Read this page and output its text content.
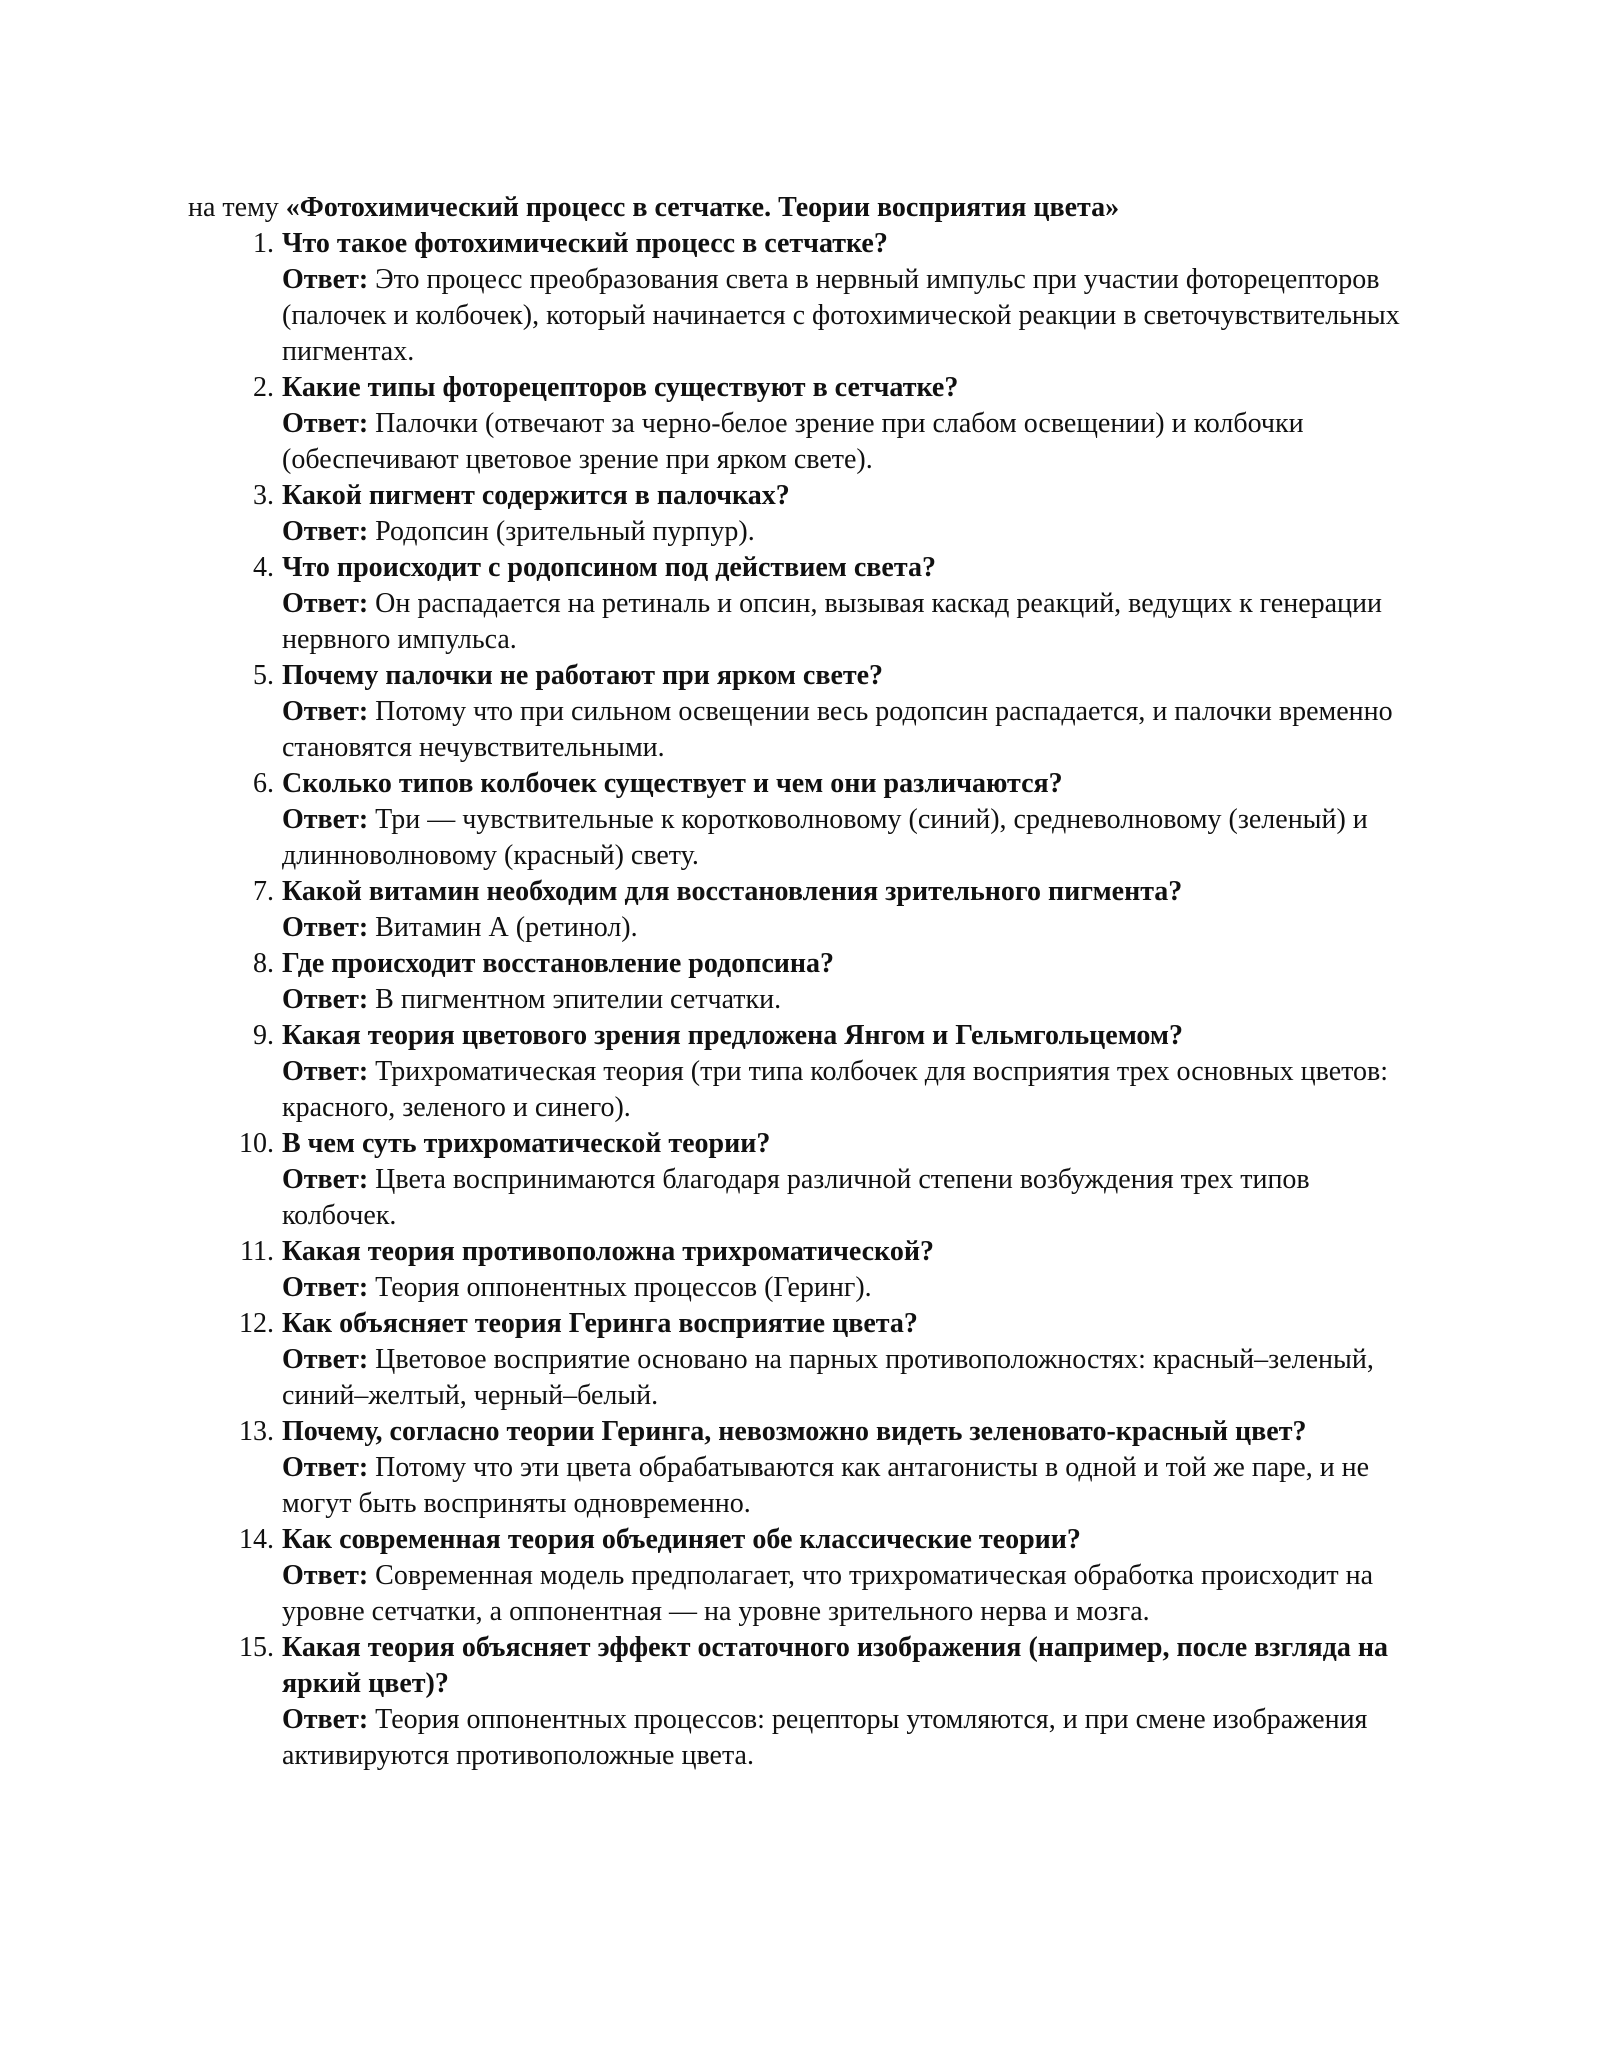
на тему «Фотохимический процесс в сетчатке. Теории восприятия цвета»
1. Что такое фотохимический процесс в сетчатке?
Ответ: Это процесс преобразования света в нервный импульс при участии фоторецепторов (палочек и колбочек), который начинается с фотохимической реакции в светочувствительных пигментах.
2. Какие типы фоторецепторов существуют в сетчатке?
Ответ: Палочки (отвечают за черно-белое зрение при слабом освещении) и колбочки (обеспечивают цветовое зрение при ярком свете).
3. Какой пигмент содержится в палочках?
Ответ: Родопсин (зрительный пурпур).
4. Что происходит с родопсином под действием света?
Ответ: Он распадается на ретиналь и опсин, вызывая каскад реакций, ведущих к генерации нервного импульса.
5. Почему палочки не работают при ярком свете?
Ответ: Потому что при сильном освещении весь родопсин распадается, и палочки временно становятся нечувствительными.
6. Сколько типов колбочек существует и чем они различаются?
Ответ: Три — чувствительные к коротковолновому (синий), средневолновому (зеленый) и длинноволновому (красный) свету.
7. Какой витамин необходим для восстановления зрительного пигмента?
Ответ: Витамин А (ретинол).
8. Где происходит восстановление родопсина?
Ответ: В пигментном эпителии сетчатки.
9. Какая теория цветового зрения предложена Янгом и Гельмгольцемом?
Ответ: Трихроматическая теория (три типа колбочек для восприятия трех основных цветов: красного, зеленого и синего).
10. В чем суть трихроматической теории?
Ответ: Цвета воспринимаются благодаря различной степени возбуждения трех типов колбочек.
11. Какая теория противоположна трихроматической?
Ответ: Теория оппонентных процессов (Геринг).
12. Как объясняет теория Геринга восприятие цвета?
Ответ: Цветовое восприятие основано на парных противоположностях: красный–зеленый, синий–желтый, черный–белый.
13. Почему, согласно теории Геринга, невозможно видеть зеленовато-красный цвет?
Ответ: Потому что эти цвета обрабатываются как антагонисты в одной и той же паре, и не могут быть восприняты одновременно.
14. Как современная теория объединяет обе классические теории?
Ответ: Современная модель предполагает, что трихроматическая обработка происходит на уровне сетчатки, а оппонентная — на уровне зрительного нерва и мозга.
15. Какая теория объясняет эффект остаточного изображения (например, после взгляда на яркий цвет)?
Ответ: Теория оппонентных процессов: рецепторы утомляются, и при смене изображения активируются противоположные цвета.
